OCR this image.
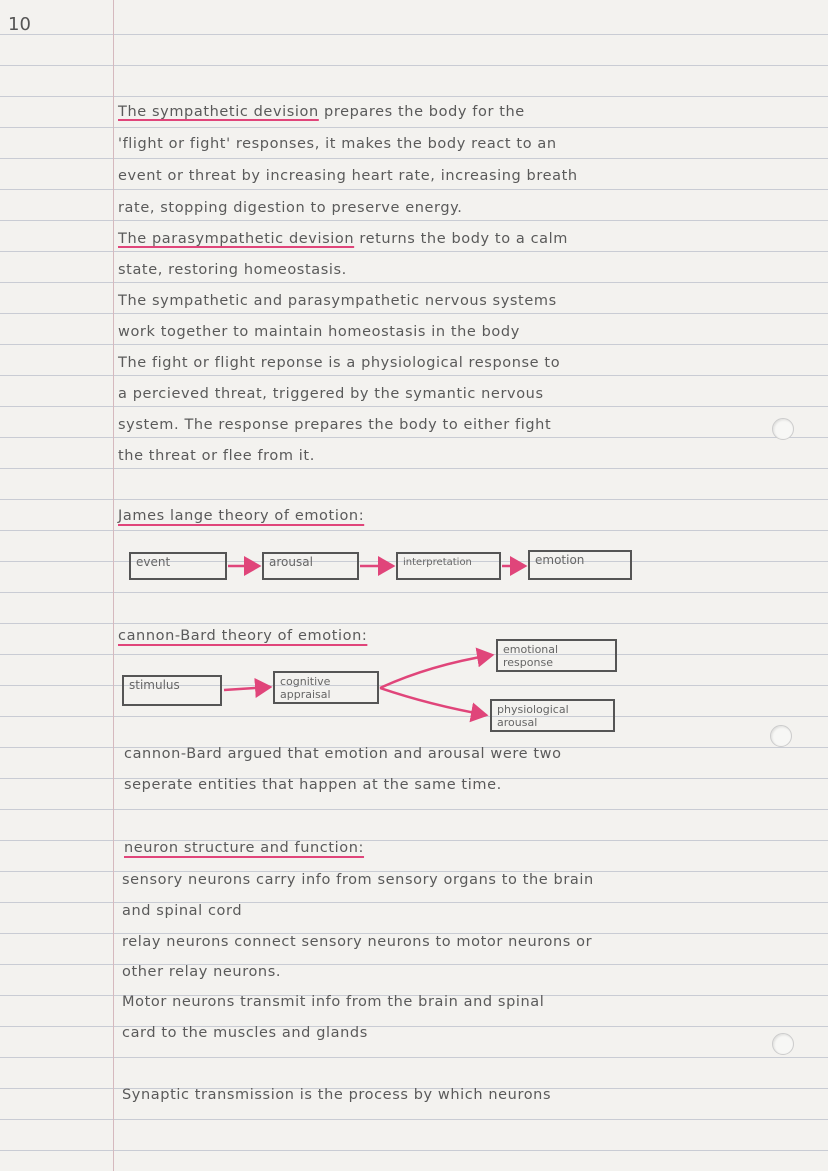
10
The sympathetic devision prepares the body for the
'flight or fight' responses, it makes the body react to an
event or threat by increasing heart rate, increasing breath
rate, stopping digestion to preserve energy.
The parasympathetic devision returns the body to a calm
state, restoring homeostasis.
The sympathetic and parasympathetic nervous systems
work together to maintain homeostasis in the body
The fight or flight reponse is a physiological response to
a percieved threat, triggered by the symantic nervous
system. The response prepares the body to either fight
the threat or flee from it.
James lange theory of emotion:
event	arousal	interpretation	emotion
cannon-Bard theory of emotion:
stimulus	cognitive appraisal
emotional response
physiological arousal
cannon-Bard argued that emotion and arousal were two
seperate entities that happen at the same time.
neuron structure and function:
sensory neurons carry info from sensory organs to the brain
and spinal cord
relay neurons connect sensory neurons to motor neurons or
other relay neurons.
Motor neurons transmit info from the brain and spinal
card to the muscles and glands
Synaptic transmission is the process by which neurons
